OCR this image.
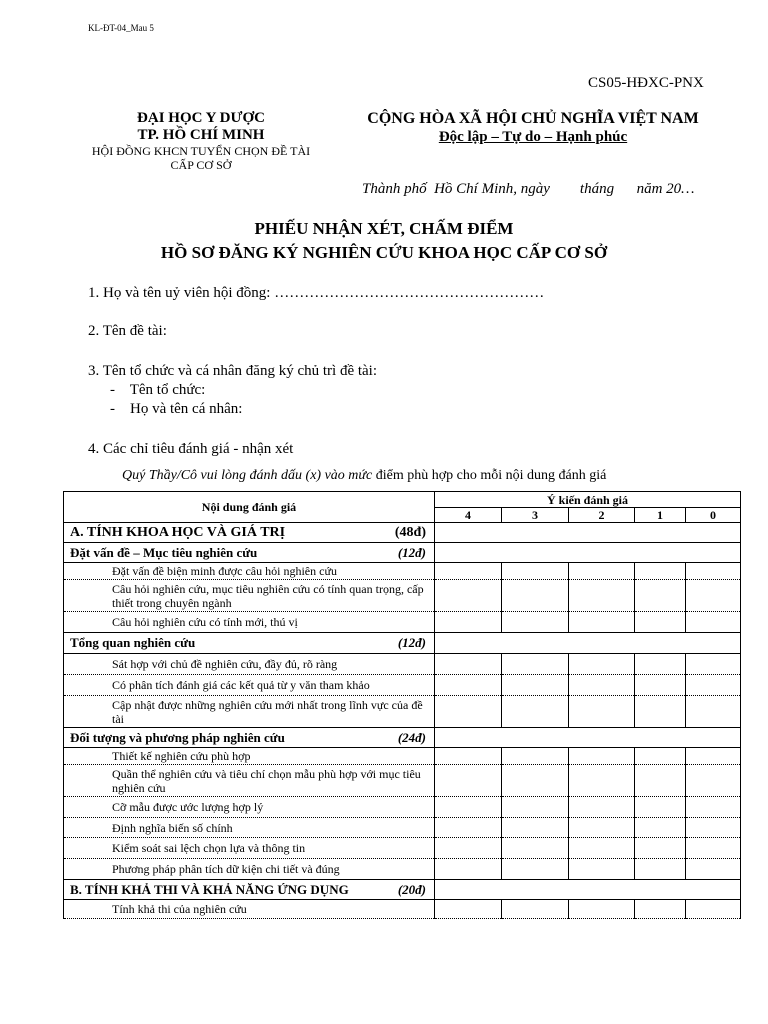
KL-ĐT-04_Mau 5
CS05-HĐXC-PNX
ĐẠI HỌC Y DƯỢC
TP. HỒ CHÍ MINH
HỘI ĐỒNG KHCN TUYỂN CHỌN ĐỀ TÀI
CẤP CƠ SỞ
CỘNG HÒA XÃ HỘI CHỦ NGHĨA VIỆT NAM
Độc lập – Tự do – Hạnh phúc
Thành phố  Hồ Chí Minh, ngày        tháng      năm 20…
PHIẾU NHẬN XÉT, CHẤM ĐIỂM
HỒ SƠ ĐĂNG KÝ NGHIÊN CỨU KHOA HỌC CẤP CƠ SỞ
1. Họ và tên uỷ viên hội đồng: ………………………………………………
2. Tên đề tài:
3. Tên tổ chức và cá nhân đăng ký chủ trì đề tài:
-    Tên tổ chức:
-    Họ và tên cá nhân:
4. Các chỉ tiêu đánh giá - nhận xét
Quý Thầy/Cô vui lòng đánh dấu (x) vào mức điểm phù hợp cho mỗi nội dung đánh giá
Nội dung đánh giá	Ý kiến đánh giá				
	4	3	2	1	0
A. TÍNH KHOA HỌC VÀ GIÁ TRỊ (48đ)					

Đặt vấn đề – Mục tiêu nghiên cứu (12đ)					

Đặt vấn đề biện minh được câu hỏi nghiên cứu					
Câu hỏi nghiên cứu, mục tiêu nghiên cứu có tính quan trọng, cấp thiết trong chuyên ngành					
Câu hỏi nghiên cứu có tính mới, thú vị					
Tổng quan nghiên cứu (12đ)					

Sát hợp với chủ đề nghiên cứu, đầy đủ, rõ ràng					
Có phân tích đánh giá các kết quả từ y văn tham khảo					
Cập nhật được những nghiên cứu mới nhất trong lĩnh vực của đề tài					
Đối tượng và phương pháp nghiên cứu (24đ)					

Thiết kế nghiên cứu phù hợp					
Quần thể nghiên cứu và tiêu chí chọn mẫu phù hợp với mục tiêu nghiên cứu					
Cỡ mẫu được ước lượng hợp lý					
Định nghĩa biến số chính					
Kiểm soát sai lệch chọn lựa và thông tin					
Phương pháp phân tích dữ kiện chi tiết và đúng					
B. TÍNH KHẢ THI VÀ KHẢ NĂNG ỨNG DỤNG (20đ)					

Tính khả thi của nghiên cứu					
